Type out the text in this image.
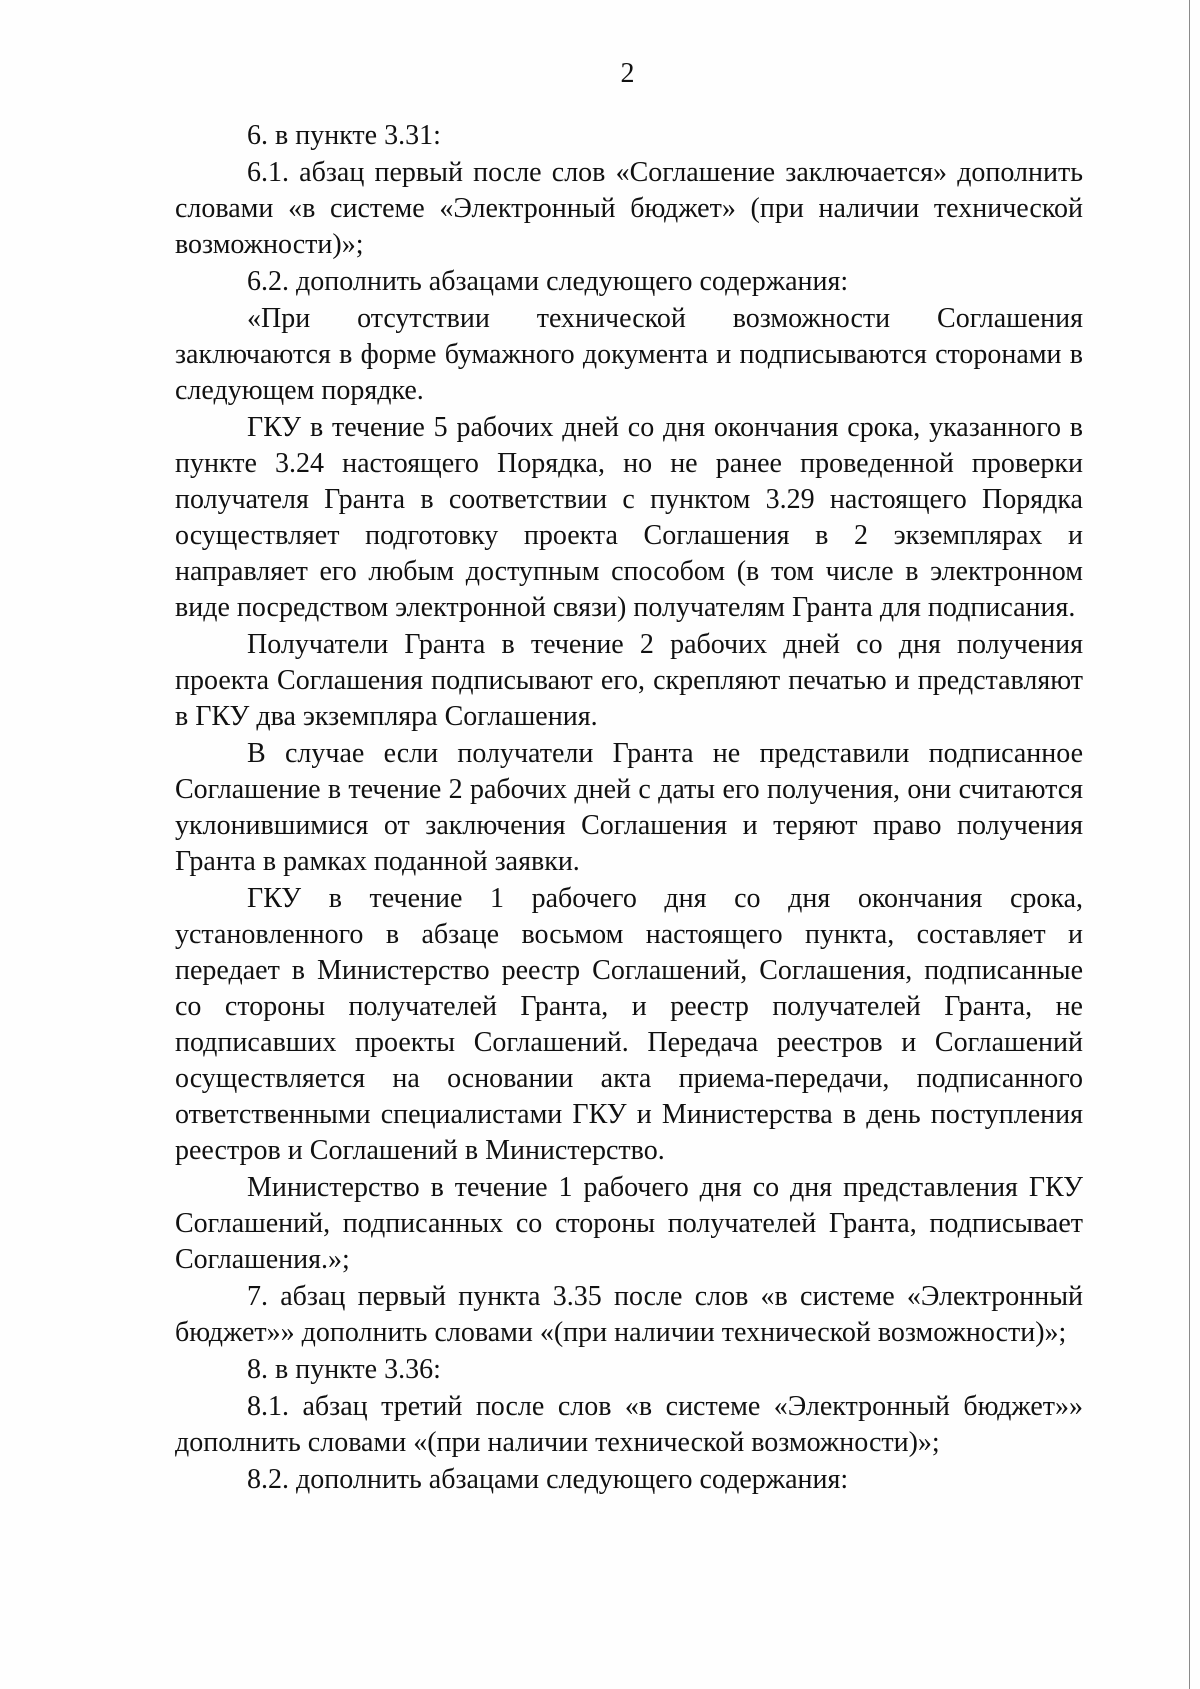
2

6. в пункте 3.31:

6.1. абзац первый после слов «Соглашение заключается» дополнить словами «в системе «Электронный бюджет» (при наличии технической возможности)»;

6.2. дополнить абзацами следующего содержания:

«При отсутствии технической возможности Соглашения заключаются в форме бумажного документа и подписываются сторонами в следующем порядке.

ГКУ в течение 5 рабочих дней со дня окончания срока, указанного в пункте 3.24 настоящего Порядка, но не ранее проведенной проверки получателя Гранта в соответствии с пунктом 3.29 настоящего Порядка осуществляет подготовку проекта Соглашения в 2 экземплярах и направляет его любым доступным способом (в том числе в электронном виде посредством электронной связи) получателям Гранта для подписания.

Получатели Гранта в течение 2 рабочих дней со дня получения проекта Соглашения подписывают его, скрепляют печатью и представляют в ГКУ два экземпляра Соглашения.

В случае если получатели Гранта не представили подписанное Соглашение в течение 2 рабочих дней с даты его получения, они считаются уклонившимися от заключения Соглашения и теряют право получения Гранта в рамках поданной заявки.

ГКУ в течение 1 рабочего дня со дня окончания срока, установленного в абзаце восьмом настоящего пункта, составляет и передает в Министерство реестр Соглашений, Соглашения, подписанные со стороны получателей Гранта, и реестр получателей Гранта, не подписавших проекты Соглашений. Передача реестров и Соглашений осуществляется на основании акта приема-передачи, подписанного ответственными специалистами ГКУ и Министерства в день поступления реестров и Соглашений в Министерство.

Министерство в течение 1 рабочего дня со дня представления ГКУ Соглашений, подписанных со стороны получателей Гранта, подписывает Соглашения.»;

7. абзац первый пункта 3.35 после слов «в системе «Электронный бюджет»» дополнить словами «(при наличии технической возможности)»;

8. в пункте 3.36:

8.1. абзац третий после слов «в системе «Электронный бюджет»» дополнить словами «(при наличии технической возможности)»;

8.2. дополнить абзацами следующего содержания:
